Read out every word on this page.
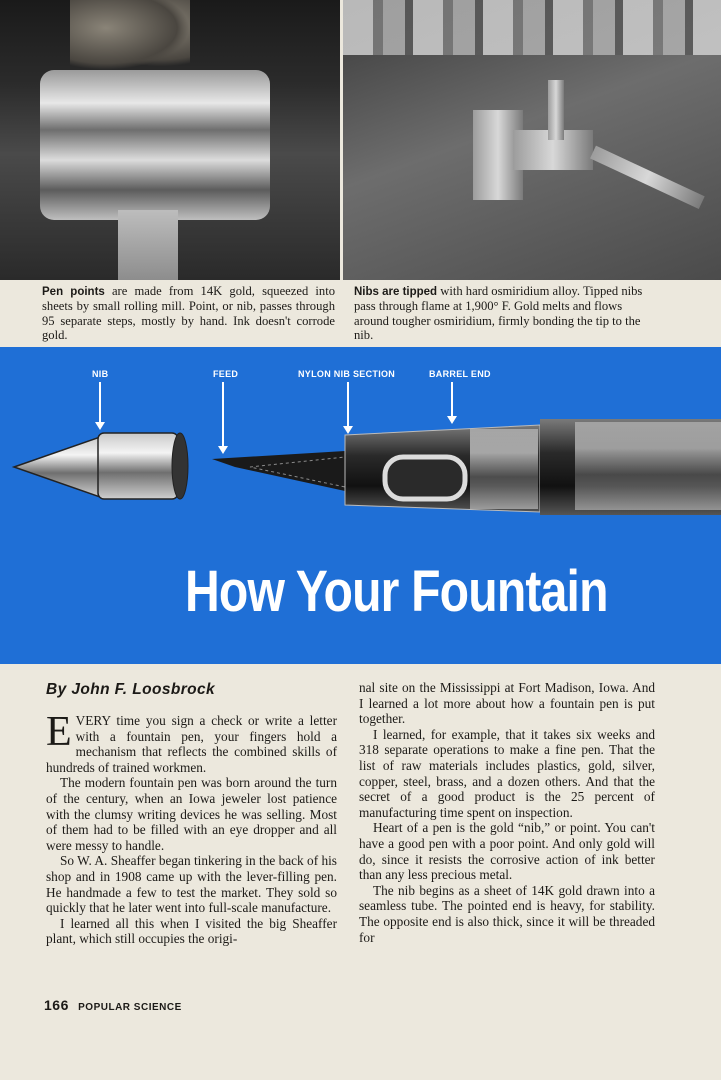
Pen points are made from 14K gold, squeezed into sheets by small rolling mill. Point, or nib, passes through 95 separate steps, mostly by hand. Ink doesn't corrode gold.
Nibs are tipped with hard osmiridium alloy. Tipped nibs pass through flame at 1,900° F. Gold melts and flows around tougher osmiridium, firmly bonding the tip to the nib.
NIB	FEED	NYLON NIB SECTION	BARREL END
How Your Fountain
By John F. Loosbrock

EVERY time you sign a check or write a letter with a fountain pen, your fingers hold a mechanism that reflects the combined skills of hundreds of trained workmen.

The modern fountain pen was born around the turn of the century, when an Iowa jeweler lost patience with the clumsy writing devices he was selling. Most of them had to be filled with an eye dropper and all were messy to handle.

So W. A. Sheaffer began tinkering in the back of his shop and in 1908 came up with the lever-filling pen. He handmade a few to test the market. They sold so quickly that he later went into full-scale manufacture.

I learned all this when I visited the big Sheaffer plant, which still occupies the origi-

nal site on the Mississippi at Fort Madison, Iowa. And I learned a lot more about how a fountain pen is put together.

I learned, for example, that it takes six weeks and 318 separate operations to make a fine pen. That the list of raw materials includes plastics, gold, silver, copper, steel, brass, and a dozen others. And that the secret of a good product is the 25 percent of manufacturing time spent on inspection.

Heart of a pen is the gold “nib,” or point. You can't have a good pen with a poor point. And only gold will do, since it resists the corrosive action of ink better than any less precious metal.

The nib begins as a sheet of 14K gold drawn into a seamless tube. The pointed end is heavy, for stability. The opposite end is also thick, since it will be threaded for

166 POPULAR SCIENCE
